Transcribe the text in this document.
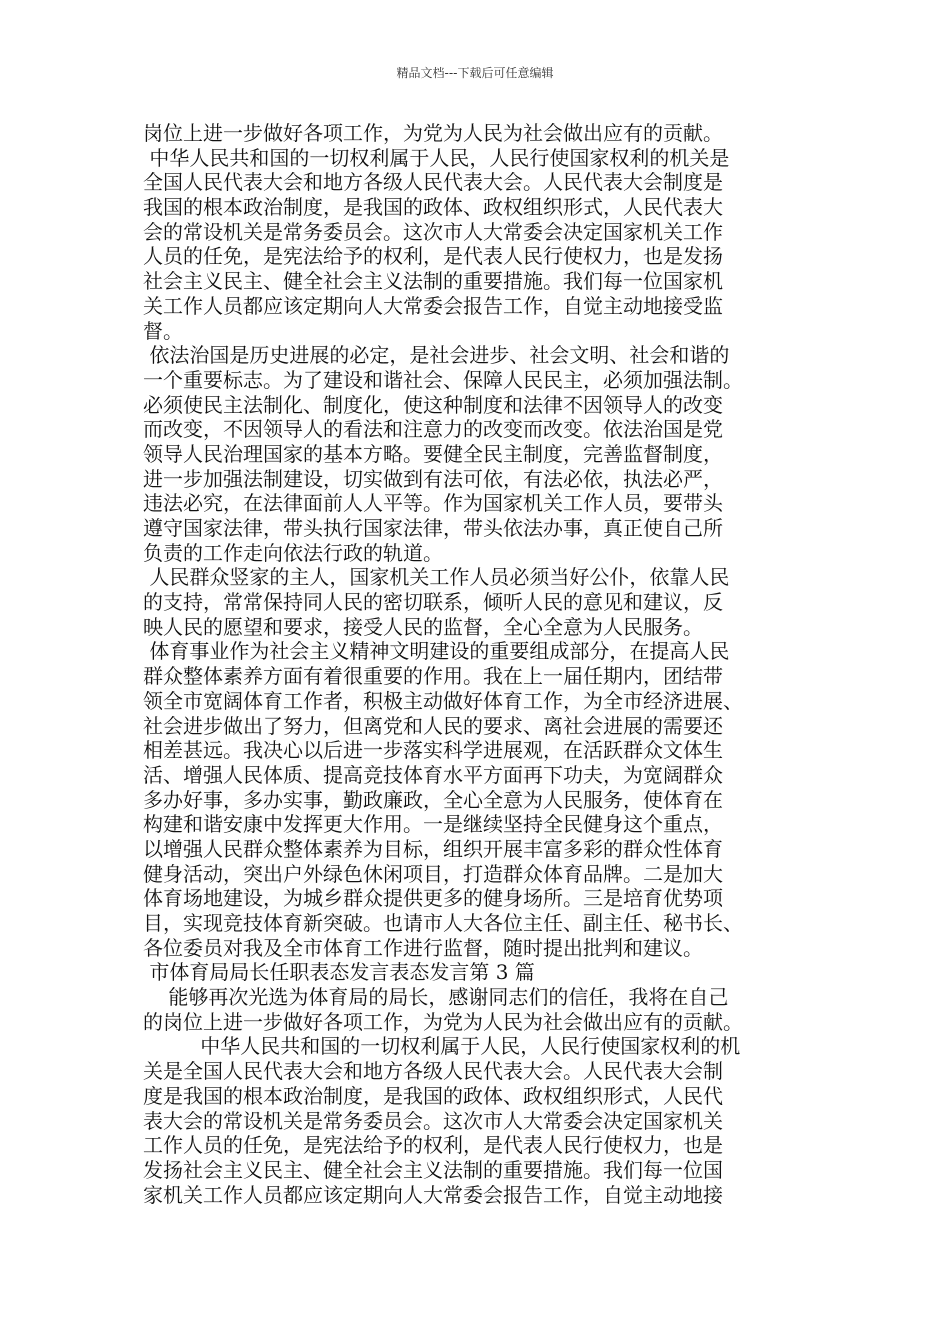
精品文档---下载后可任意编辑
岗位上进一步做好各项工作，为党为人民为社会做出应有的贡献。
中华人民共和国的一切权利属于人民，人民行使国家权利的机关是
全国人民代表大会和地方各级人民代表大会。人民代表大会制度是
我国的根本政治制度，是我国的政体、政权组织形式，人民代表大
会的常设机关是常务委员会。这次市人大常委会决定国家机关工作
人员的任免，是宪法给予的权利，是代表人民行使权力，也是发扬
社会主义民主、健全社会主义法制的重要措施。我们每一位国家机
关工作人员都应该定期向人大常委会报告工作，自觉主动地接受监
督。
依法治国是历史进展的必定，是社会进步、社会文明、社会和谐的
一个重要标志。为了建设和谐社会、保障人民民主，必须加强法制。
必须使民主法制化、制度化，使这种制度和法律不因领导人的改变
而改变，不因领导人的看法和注意力的改变而改变。依法治国是党
领导人民治理国家的基本方略。要健全民主制度，完善监督制度，
进一步加强法制建设，切实做到有法可依，有法必依，执法必严，
违法必究，在法律面前人人平等。作为国家机关工作人员，要带头
遵守国家法律，带头执行国家法律，带头依法办事，真正使自己所
负责的工作走向依法行政的轨道。
人民群众竖家的主人，国家机关工作人员必须当好公仆，依靠人民
的支持，常常保持同人民的密切联系，倾听人民的意见和建议，反
映人民的愿望和要求，接受人民的监督，全心全意为人民服务。
体育事业作为社会主义精神文明建设的重要组成部分，在提高人民
群众整体素养方面有着很重要的作用。我在上一届任期内，团结带
领全市宽阔体育工作者，积极主动做好体育工作，为全市经济进展、
社会进步做出了努力，但离党和人民的要求、离社会进展的需要还
相差甚远。我决心以后进一步落实科学进展观，在活跃群众文体生
活、增强人民体质、提高竞技体育水平方面再下功夫，为宽阔群众
多办好事，多办实事，勤政廉政，全心全意为人民服务，使体育在
构建和谐安康中发挥更大作用。一是继续坚持全民健身这个重点，
以增强人民群众整体素养为目标，组织开展丰富多彩的群众性体育
健身活动，突出户外绿色休闲项目，打造群众体育品牌。二是加大
体育场地建设，为城乡群众提供更多的健身场所。三是培育优势项
目，实现竞技体育新突破。也请市人大各位主任、副主任、秘书长、
各位委员对我及全市体育工作进行监督，随时提出批判和建议。
市体育局局长任职表态发言表态发言第 3 篇
能够再次光选为体育局的局长，感谢同志们的信任，我将在自己
的岗位上进一步做好各项工作，为党为人民为社会做出应有的贡献。
中华人民共和国的一切权利属于人民，人民行使国家权利的机
关是全国人民代表大会和地方各级人民代表大会。人民代表大会制
度是我国的根本政治制度，是我国的政体、政权组织形式，人民代
表大会的常设机关是常务委员会。这次市人大常委会决定国家机关
工作人员的任免，是宪法给予的权利，是代表人民行使权力，也是
发扬社会主义民主、健全社会主义法制的重要措施。我们每一位国
家机关工作人员都应该定期向人大常委会报告工作，自觉主动地接
